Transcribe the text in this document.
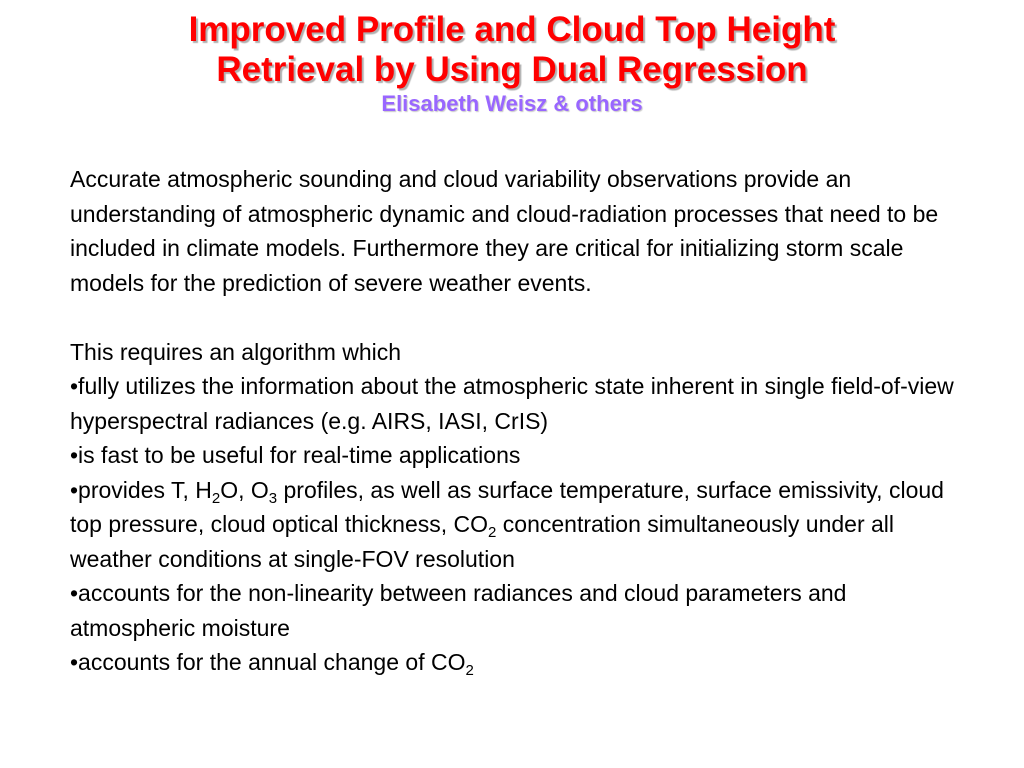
Improved Profile and Cloud Top Height
Retrieval by Using Dual Regression
Elisabeth Weisz & others

Accurate atmospheric sounding and cloud variability observations provide an understanding of atmospheric dynamic and cloud-radiation processes that need to be included in climate models. Furthermore they are critical for initializing storm scale models for the prediction of severe weather events.

This requires an algorithm which

•fully utilizes the information about the atmospheric state inherent in single field-of-view hyperspectral radiances (e.g. AIRS, IASI, CrIS)

•is fast to be useful for real-time applications

•provides T, $H_2O$, $O_3$ profiles, as well as surface temperature, surface emissivity, cloud top pressure, cloud optical thickness, $CO_2$ concentration simultaneously under all weather conditions at single-FOV resolution

•accounts for the non-linearity between radiances and cloud parameters and atmospheric moisture

•accounts for the annual change of $CO_2$
